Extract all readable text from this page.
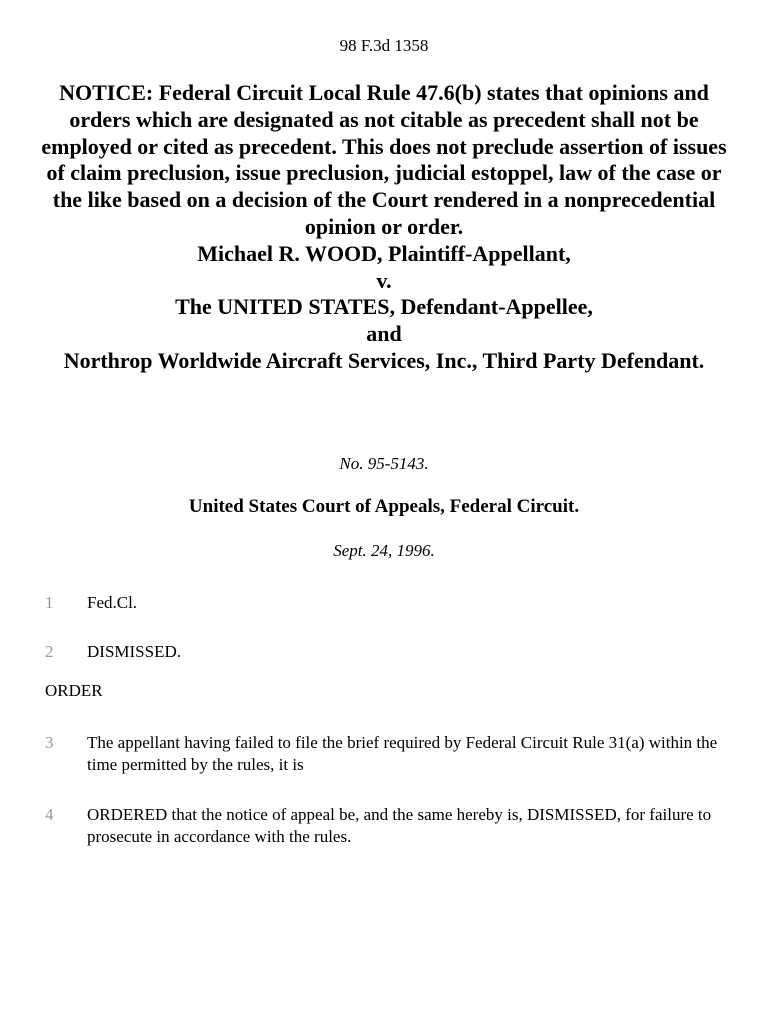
98 F.3d 1358
NOTICE: Federal Circuit Local Rule 47.6(b) states that opinions and orders which are designated as not citable as precedent shall not be employed or cited as precedent. This does not preclude assertion of issues of claim preclusion, issue preclusion, judicial estoppel, law of the case or the like based on a decision of the Court rendered in a nonprecedential opinion or order.
Michael R. WOOD, Plaintiff-Appellant,
v.
The UNITED STATES, Defendant-Appellee,
and
Northrop Worldwide Aircraft Services, Inc., Third Party Defendant.
No. 95-5143.
United States Court of Appeals, Federal Circuit.
Sept. 24, 1996.
1 Fed.Cl.
2 DISMISSED.
ORDER
3 The appellant having failed to file the brief required by Federal Circuit Rule 31(a) within the time permitted by the rules, it is
4 ORDERED that the notice of appeal be, and the same hereby is, DISMISSED, for failure to prosecute in accordance with the rules.
